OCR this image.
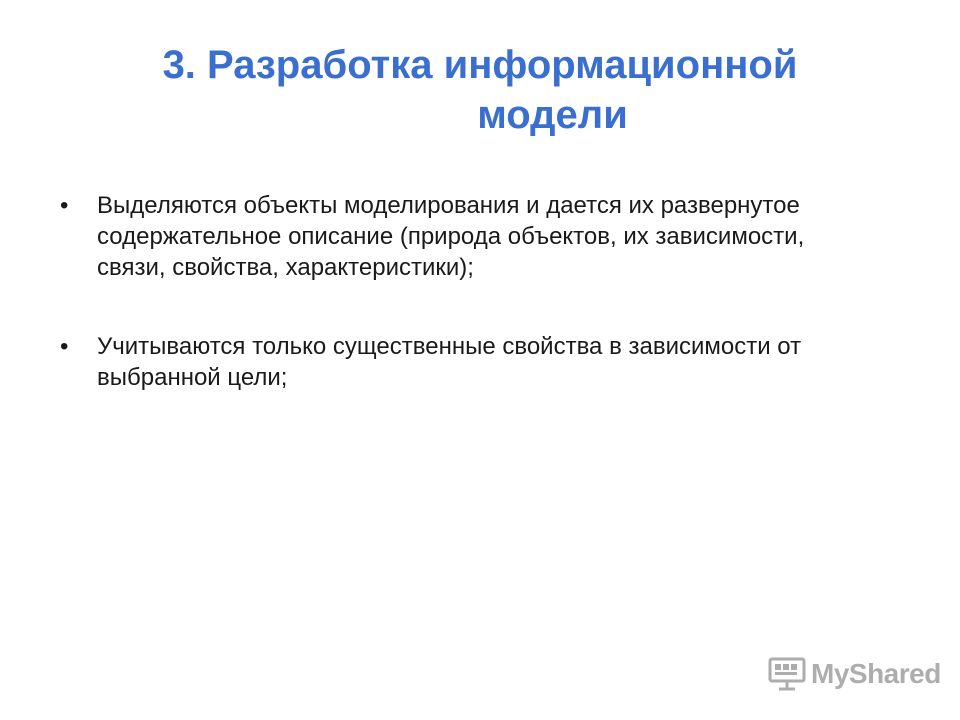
3. Разработка информационной
модели
• Выделяются объекты моделирования и дается их развернутое
содержательное описание (природа объектов, их зависимости,
связи, свойства, характеристики);
• Учитываются только существенные свойства в зависимости от
выбранной цели;
MyShared
